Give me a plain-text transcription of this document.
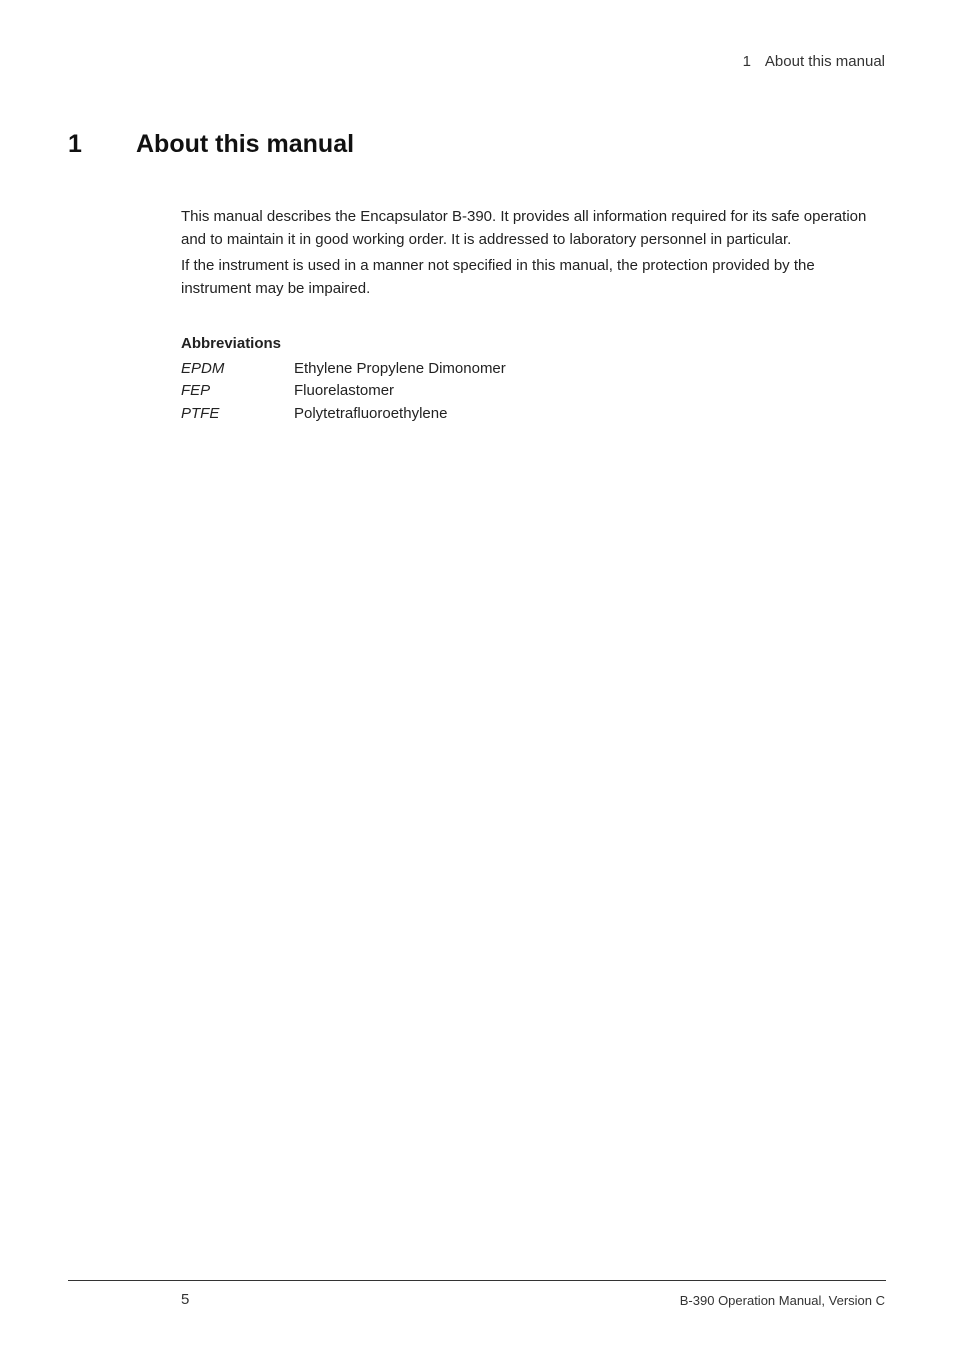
1 About this manual
1 About this manual

This manual describes the Encapsulator B-390. It provides all information required for its safe operation and to maintain it in good working order. It is addressed to laboratory personnel in particular.

If the instrument is used in a manner not specified in this manual, the protection provided by the instrument may be impaired.

Abbreviations
EPDM	Ethylene Propylene Dimonomer
FEP	Fluorelastomer
PTFE	Polytetrafluoroethylene
5	B-390 Operation Manual, Version C
